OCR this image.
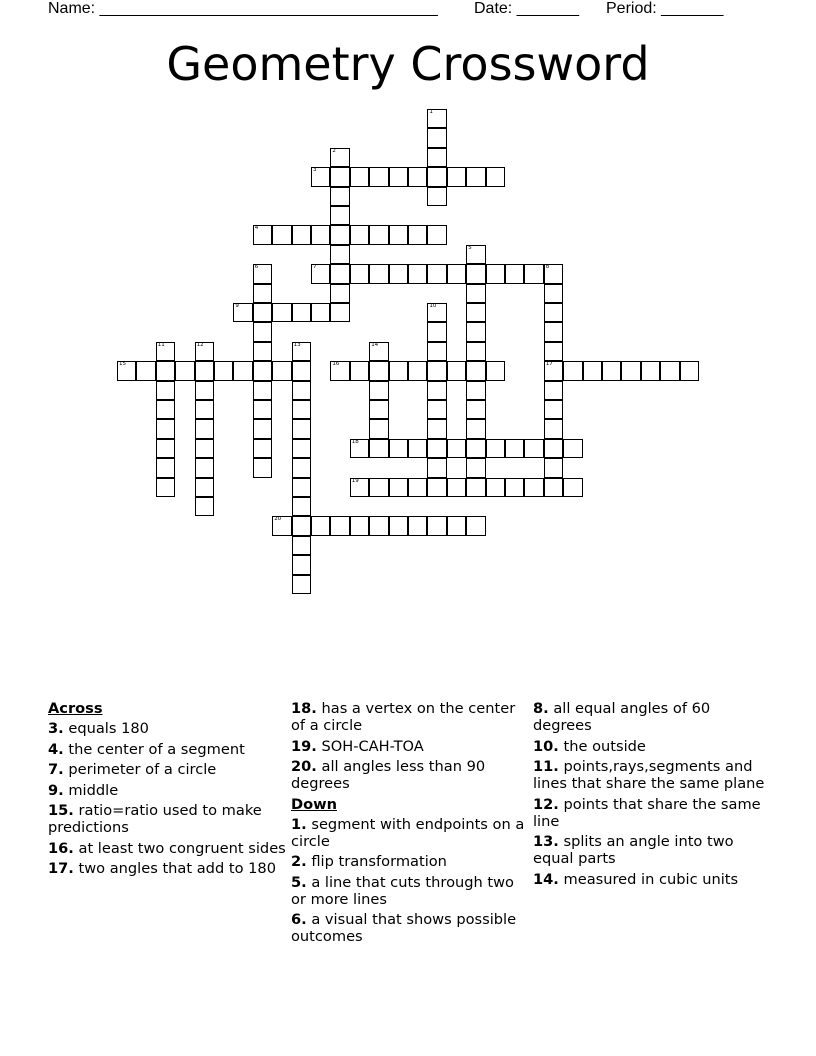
Name: ______________________________________ Date: _______ Period: _______
Geometry Crossword
1
2
3
4
5
6	7	8
17
9	10
11	12	13	14
15	16
18
19
20
Across
3. equals 180
4. the center of a segment
7. perimeter of a circle
9. middle
15. ratio=ratio used to make predictions
16. at least two congruent sides
17. two angles that add to 180
18. has a vertex on the center of a circle
19. SOH-CAH-TOA
20. all angles less than 90 degrees
Down
1. segment with endpoints on a circle
2. flip transformation
5. a line that cuts through two or more lines
6. a visual that shows possible outcomes
8. all equal angles of 60 degrees
10. the outside
11. points,rays,segments and lines that share the same plane
12. points that share the same line
13. splits an angle into two equal parts
14. measured in cubic units
